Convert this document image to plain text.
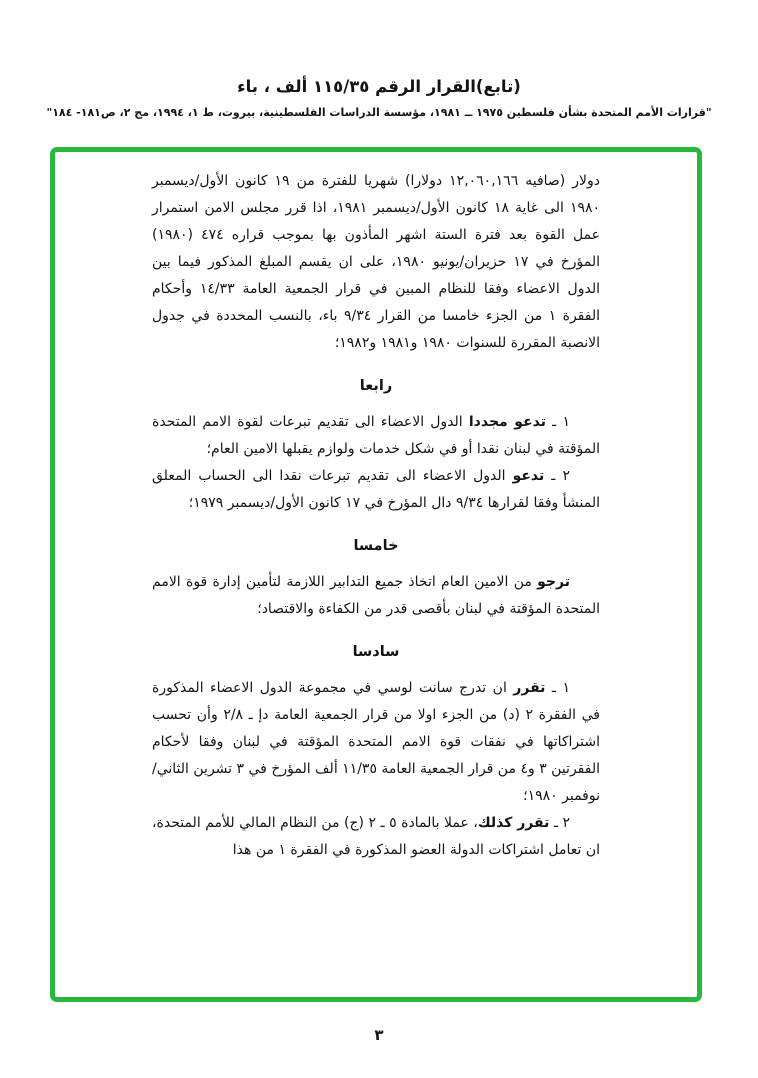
(تابع)القرار الرقم ١١٥/٣٥ ألف ، باء
"قرارات الأمم المتحدة بشأن فلسطين ١٩٧٥ ــ ١٩٨١، مؤسسة الدراسات الفلسطينية، بيروت، ط ١، ١٩٩٤، مج ٢، ص١٨١- ١٨٤"

دولار (صافيه ١٢,٠٦٠,١٦٦ دولارا) شهريا للفترة من ١٩ كانون الأول/ديسمبر ١٩٨٠ الى غاية ١٨ كانون الأول/ديسمبر ١٩٨١، اذا قرر مجلس الامن استمرار عمل القوة بعد فترة الستة اشهر المأذون بها بموجب قراره ٤٧٤ (١٩٨٠) المؤرخ في ١٧ حزيران/يونيو ١٩٨٠، على ان يقسم المبلغ المذكور فيما بين الدول الاعضاء وفقا للنظام المبين في قرار الجمعية العامة ١٤/٣٣ وأحكام الفقرة ١ من الجزء خامسا من القرار ٩/٣٤ باء، بالنسب المحددة في جدول الانصبة المقررة للسنوات ١٩٨٠ و١٩٨١ و١٩٨٢؛

رابعا

١ ـ تدعو مجددا الدول الاعضاء الى تقديم تبرعات لقوة الامم المتحدة المؤقتة في لبنان نقدا أو في شكل خدمات ولوازم يقبلها الامين العام؛

٢ ـ تدعو الدول الاعضاء الى تقديم تبرعات نقدا الى الحساب المعلق المنشأ وفقا لقرارها ٩/٣٤ دال المؤرخ في ١٧ كانون الأول/ديسمبر ١٩٧٩؛

خامسا

ترجو من الامين العام اتخاذ جميع التدابير اللازمة لتأمين إدارة قوة الامم المتحدة المؤقتة في لبنان بأقصى قدر من الكفاءة والاقتصاد؛

سادسا

١ ـ تقرر ان تدرج سانت لوسي في مجموعة الدول الاعضاء المذكورة في الفقرة ٢ (د) من الجزء اولا من قرار الجمعية العامة دإ ـ ٢/٨ وأن تحسب اشتراكاتها في نفقات قوة الامم المتحدة المؤقتة في لبنان وفقا لأحكام الفقرتين ٣ و٤ من قرار الجمعية العامة ١١/٣٥ ألف المؤرخ في ٣ تشرين الثاني/نوفمبر ١٩٨٠؛

٢ ـ تقرر كذلك، عملا بالمادة ٥ ـ ٢ (ج) من النظام المالي للأمم المتحدة، ان تعامل اشتراكات الدولة العضو المذكورة في الفقرة ١ من هذا

٣
